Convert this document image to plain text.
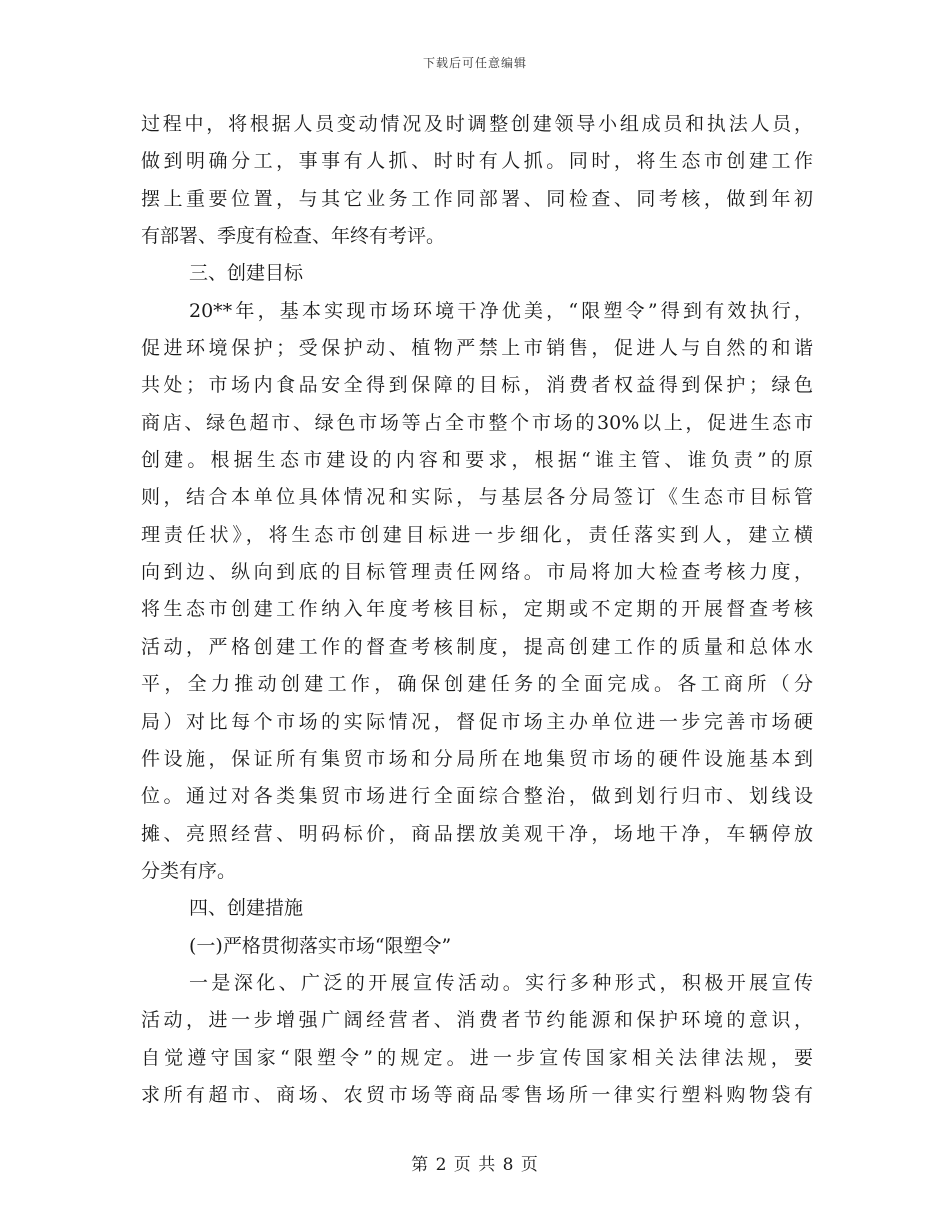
下载后可任意编辑
过程中，将根据人员变动情况及时调整创建领导小组成员和执法人员，
做到明确分工，事事有人抓、时时有人抓。同时，将生态市创建工作
摆上重要位置，与其它业务工作同部署、同检查、同考核，做到年初
有部署、季度有检查、年终有考评。
三、创建目标
20**年，基本实现市场环境干净优美，“限塑令”得到有效执行，
促进环境保护；受保护动、植物严禁上市销售，促进人与自然的和谐
共处；市场内食品安全得到保障的目标，消费者权益得到保护；绿色
商店、绿色超市、绿色市场等占全市整个市场的30%以上，促进生态市
创建。根据生态市建设的内容和要求，根据“谁主管、谁负责”的原
则，结合本单位具体情况和实际，与基层各分局签订《生态市目标管
理责任状》，将生态市创建目标进一步细化，责任落实到人，建立横
向到边、纵向到底的目标管理责任网络。市局将加大检查考核力度，
将生态市创建工作纳入年度考核目标，定期或不定期的开展督查考核
活动，严格创建工作的督查考核制度，提高创建工作的质量和总体水
平，全力推动创建工作，确保创建任务的全面完成。各工商所（分
局）对比每个市场的实际情况，督促市场主办单位进一步完善市场硬
件设施，保证所有集贸市场和分局所在地集贸市场的硬件设施基本到
位。通过对各类集贸市场进行全面综合整治，做到划行归市、划线设
摊、亮照经营、明码标价，商品摆放美观干净，场地干净，车辆停放
分类有序。
四、创建措施
(一)严格贯彻落实市场“限塑令”
一是深化、广泛的开展宣传活动。实行多种形式，积极开展宣传
活动，进一步增强广阔经营者、消费者节约能源和保护环境的意识，
自觉遵守国家“限塑令”的规定。进一步宣传国家相关法律法规，要
求所有超市、商场、农贸市场等商品零售场所一律实行塑料购物袋有
第 2 页 共 8 页
